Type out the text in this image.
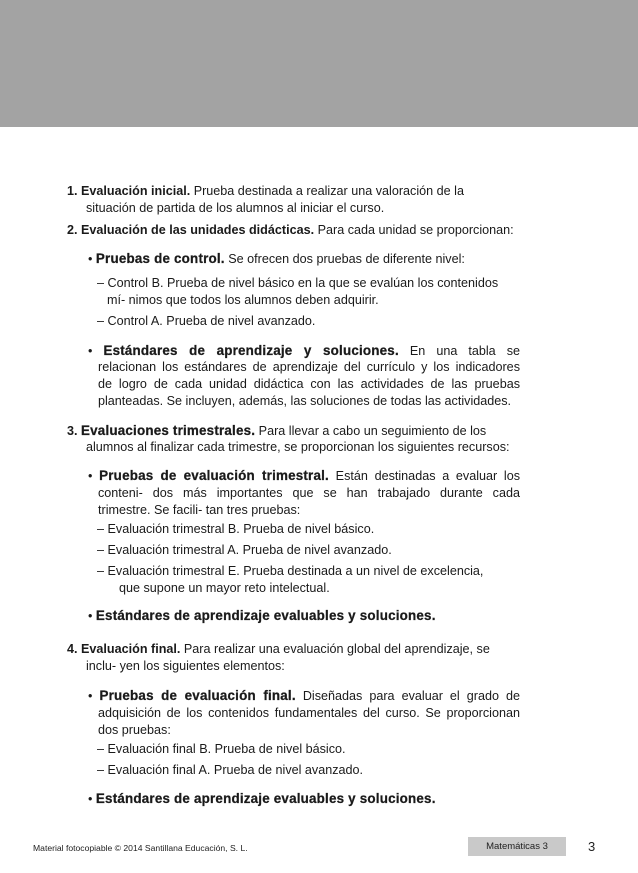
1. Evaluación inicial. Prueba destinada a realizar una valoración de la
situación de partida de los alumnos al iniciar el curso.
2. Evaluación de las unidades didácticas. Para cada unidad se proporcionan:
• Pruebas de control. Se ofrecen dos pruebas de diferente nivel:
– Control B. Prueba de nivel básico en la que se evalúan los contenidos
mí- nimos que todos los alumnos deben adquirir.
– Control A. Prueba de nivel avanzado.
• Estándares de aprendizaje y soluciones. En una tabla se
relacionan los estándares de aprendizaje del currículo y los indicadores
de logro de cada unidad didáctica con las actividades de las pruebas
planteadas. Se incluyen, además, las soluciones de todas las actividades.
3. Evaluaciones trimestrales. Para llevar a cabo un seguimiento de los
alumnos al finalizar cada trimestre, se proporcionan los siguientes recursos:
• Pruebas de evaluación trimestral. Están destinadas a evaluar los
conteni- dos más importantes que se han trabajado durante cada
trimestre. Se facili- tan tres pruebas:
– Evaluación trimestral B. Prueba de nivel básico.
– Evaluación trimestral A. Prueba de nivel avanzado.
– Evaluación trimestral E. Prueba destinada a un nivel de excelencia,
que supone un mayor reto intelectual.
• Estándares de aprendizaje evaluables y soluciones.
4. Evaluación final. Para realizar una evaluación global del aprendizaje, se
inclu- yen los siguientes elementos:
• Pruebas de evaluación final. Diseñadas para evaluar el grado de
adquisición de los contenidos fundamentales del curso. Se proporcionan
dos pruebas:
– Evaluación final B. Prueba de nivel básico.
– Evaluación final A. Prueba de nivel avanzado.
• Estándares de aprendizaje evaluables y soluciones.
Material fotocopiable © 2014 Santillana Educación, S. L.	Matemáticas 3	3
